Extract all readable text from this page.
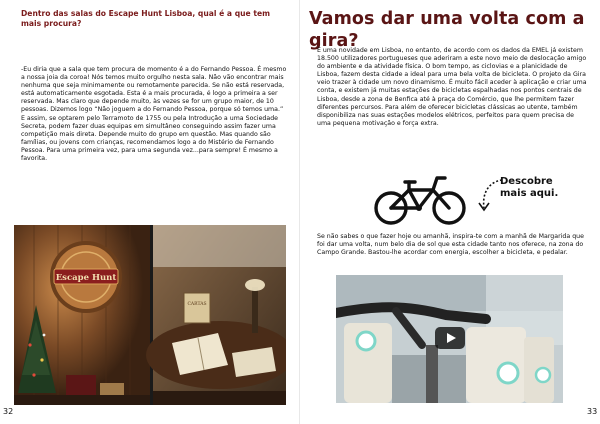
Dentro das salas do Escape Hunt Lisboa, qual é a que tem mais procura?

-Eu diria que a sala que tem procura de momento é a do Fernando Pessoa. É mesmo a nossa joia da coroa! Nós temos muito orgulho nesta sala. Não vão encontrar mais nenhuma que seja minimamente ou remotamente parecida. Se não está reservada, está automaticamente esgotada. Esta é a mais procurada, é logo a primeira a ser reservada. Mas claro que depende muito, às vezes se for um grupo maior, de 10 pessoas. Dizemos logo “Não joguem a do Fernando Pessoa, porque só temos uma.” E assim, se optarem pelo Terramoto de 1755 ou pela Introdução a uma Sociedade Secreta, podem fazer duas equipas em simultâneo conseguindo assim fazer uma competição mais direta. Depende muito do grupo em questão. Mas quando são famílias, ou jovens com crianças, recomendamos logo a do Mistério de Fernando Pessoa. Para uma primeira vez, para uma segunda vez...para sempre! É mesmo a favorita.

Escape Hunt
CARTAS
32
Vamos dar uma volta com a gira?

É uma novidade em Lisboa, no entanto, de acordo com os dados da EMEL já existem 18.500 utilizadores portugueses que aderiram a este novo meio de deslocação amigo do ambiente e da atividade física. O bom tempo, as ciclovias e a planicidade de Lisboa, fazem desta cidade a ideal para uma bela volta de bicicleta. O projeto da Gira veio trazer à cidade um novo dinamismo. É muito fácil aceder à aplicação e criar uma conta, e existem já muitas estações de bicicletas espalhadas nos pontos centrais de Lisboa, desde a zona de Benfica até à praça do Comércio, que lhe permitem fazer diferentes percursos. Para além de oferecer bicicletas clássicas ao utente, também disponibiliza nas suas estações modelos elétricos, perfeitos para quem precisa de uma pequena motivação e força extra.

Descobre
mais aqui.

Se não sabes o que fazer hoje ou amanhã, inspira-te com a manhã de Margarida que foi dar uma volta, num belo dia de sol que esta cidade tanto nos oferece, na zona do Campo Grande. Bastou-lhe acordar com energia, escolher a bicicleta, e pedalar.

33
